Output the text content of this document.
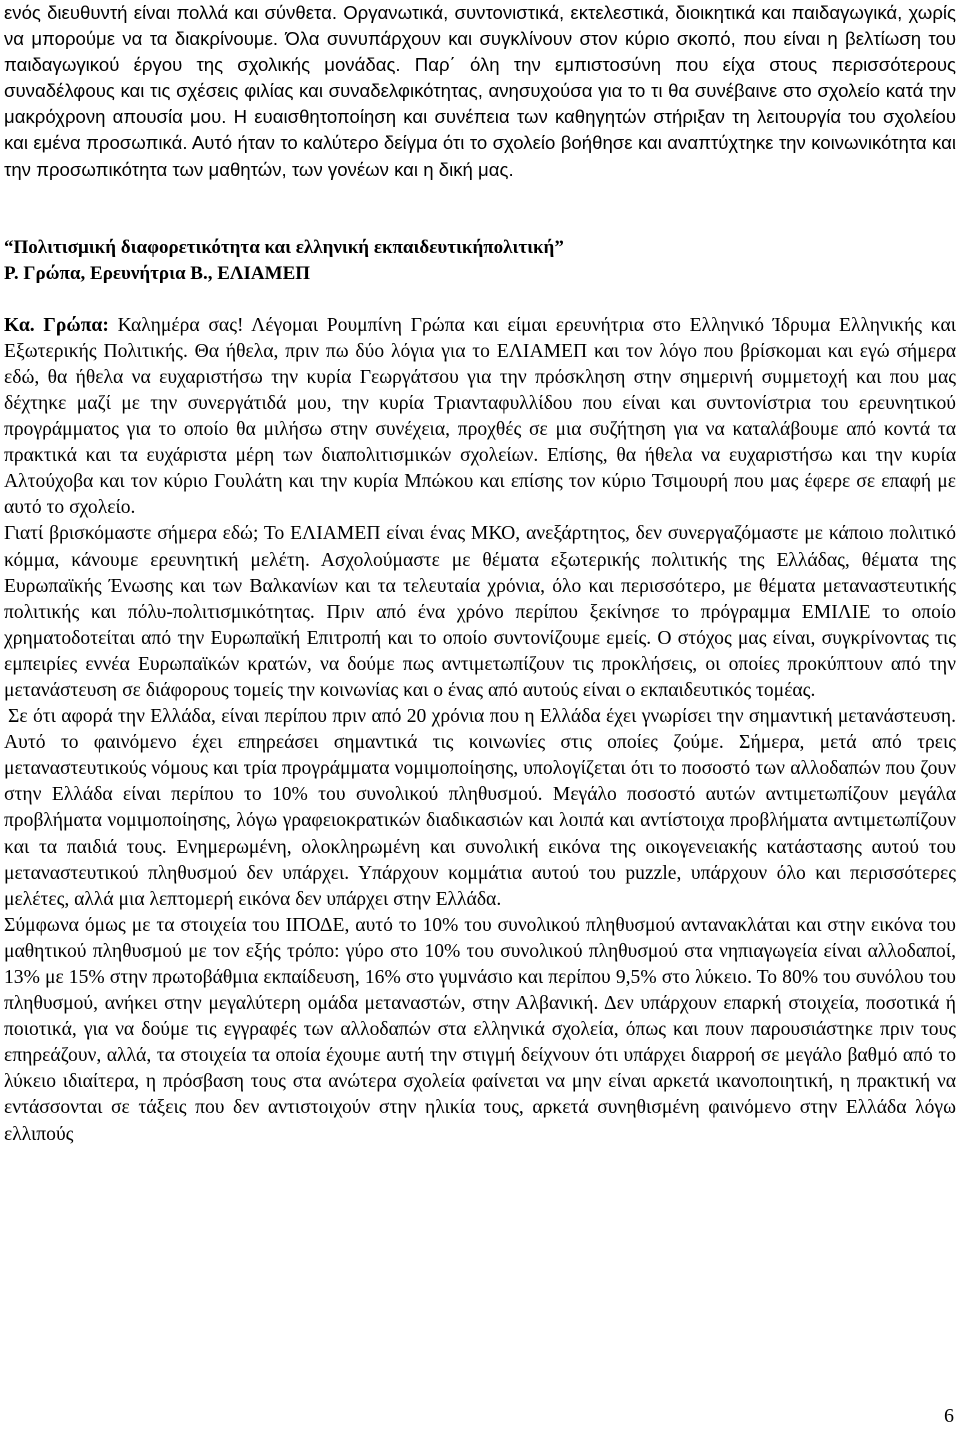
ενός διευθυντή είναι πολλά και σύνθετα. Οργανωτικά, συντονιστικά, εκτελεστικά, διοικητικά και παιδαγωγικά, χωρίς να μπορούμε να τα διακρίνουμε. Όλα συνυπάρχουν και συγκλίνουν στον κύριο σκοπό, που είναι η βελτίωση του παιδαγωγικού έργου της σχολικής μονάδας. Παρ΄ όλη την εμπιστοσύνη που είχα στους περισσότερους συναδέλφους και τις σχέσεις φιλίας και συναδελφικότητας, ανησυχούσα για το τι θα συνέβαινε στο σχολείο κατά την μακρόχρονη απουσία μου. Η ευαισθητοποίηση και συνέπεια των καθηγητών στήριξαν τη λειτουργία του σχολείου και εμένα προσωπικά. Αυτό ήταν το καλύτερο δείγμα ότι το σχολείο βοήθησε και αναπτύχτηκε την κοινωνικότητα και την προσωπικότητα των μαθητών, των γονέων και η δική μας.

“Πολιτισμική διαφορετικότητα και ελληνική εκπαιδευτικήπολιτική”

Ρ. Γρώπα, Ερευνήτρια Β., ΕΛΙΑΜΕΠ

Κα. Γρώπα: Καλημέρα σας! Λέγομαι Ρουμπίνη Γρώπα και είμαι ερευνήτρια στο Ελληνικό Ίδρυμα Ελληνικής και Εξωτερικής Πολιτικής. Θα ήθελα, πριν πω δύο λόγια για το ΕΛΙΑΜΕΠ και τον λόγο που βρίσκομαι και εγώ σήμερα εδώ, θα ήθελα να ευχαριστήσω την κυρία Γεωργάτσου για την πρόσκληση στην σημερινή συμμετοχή και που μας δέχτηκε μαζί με την συνεργάτιδά μου, την κυρία Τριανταφυλλίδου που είναι και συντονίστρια του ερευνητικού προγράμματος για το οποίο θα μιλήσω στην συνέχεια, προχθές σε μια συζήτηση για να καταλάβουμε από κοντά τα πρακτικά και τα ευχάριστα μέρη των διαπολιτισμικών σχολείων. Επίσης, θα ήθελα να ευχαριστήσω και την κυρία Αλτούχοβα και τον κύριο Γουλάτη και την κυρία Μπώκου και επίσης τον κύριο Τσιμουρή που μας έφερε σε επαφή με αυτό το σχολείο.

Γιατί βρισκόμαστε σήμερα εδώ; Το ΕΛΙΑΜΕΠ είναι ένας ΜΚΟ, ανεξάρτητος, δεν συνεργαζόμαστε με κάποιο πολιτικό κόμμα, κάνουμε ερευνητική μελέτη. Ασχολούμαστε με θέματα εξωτερικής πολιτικής της Ελλάδας, θέματα της Ευρωπαϊκής Ένωσης και των Βαλκανίων και τα τελευταία χρόνια, όλο και περισσότερο, με θέματα μεταναστευτικής πολιτικής και πόλυ-πολιτισμικότητας. Πριν από ένα χρόνο περίπου ξεκίνησε το πρόγραμμα ΕΜΙΛΙΕ το οποίο χρηματοδοτείται από την Ευρωπαϊκή Επιτροπή και το οποίο συντονίζουμε εμείς. Ο στόχος μας είναι, συγκρίνοντας τις εμπειρίες εννέα Ευρωπαϊκών κρατών, να δούμε πως αντιμετωπίζουν τις προκλήσεις, οι οποίες προκύπτουν από την μετανάστευση σε διάφορους τομείς την κοινωνίας και ο ένας από αυτούς είναι ο εκπαιδευτικός τομέας.

Σε ότι αφορά την Ελλάδα, είναι περίπου πριν από 20 χρόνια που η Ελλάδα έχει γνωρίσει την σημαντική μετανάστευση. Αυτό το φαινόμενο έχει επηρεάσει σημαντικά τις κοινωνίες στις οποίες ζούμε. Σήμερα, μετά από τρεις μεταναστευτικούς νόμους και τρία προγράμματα νομιμοποίησης, υπολογίζεται ότι το ποσοστό των αλλοδαπών που ζουν στην Ελλάδα είναι περίπου το 10% του συνολικού πληθυσμού. Μεγάλο ποσοστό αυτών αντιμετωπίζουν μεγάλα προβλήματα νομιμοποίησης, λόγω γραφειοκρατικών διαδικασιών και λοιπά και αντίστοιχα προβλήματα αντιμετωπίζουν και τα παιδιά τους. Ενημερωμένη, ολοκληρωμένη και συνολική εικόνα της οικογενειακής κατάστασης αυτού του μεταναστευτικού πληθυσμού δεν υπάρχει. Υπάρχουν κομμάτια αυτού του puzzle, υπάρχουν όλο και περισσότερες μελέτες, αλλά μια λεπτομερή εικόνα δεν υπάρχει στην Ελλάδα.

Σύμφωνα όμως με τα στοιχεία του ΙΠΟΔΕ, αυτό το 10% του συνολικού πληθυσμού αντανακλάται και στην εικόνα του μαθητικού πληθυσμού με τον εξής τρόπο: γύρο στο 10% του συνολικού πληθυσμού στα νηπιαγωγεία είναι αλλοδαποί, 13% με 15% στην πρωτοβάθμια εκπαίδευση, 16% στο γυμνάσιο και περίπου 9,5% στο λύκειο. Το 80% του συνόλου του πληθυσμού, ανήκει στην μεγαλύτερη ομάδα μεταναστών, στην Αλβανική. Δεν υπάρχουν επαρκή στοιχεία, ποσοτικά ή ποιοτικά, για να δούμε τις εγγραφές των αλλοδαπών στα ελληνικά σχολεία, όπως και πουν παρουσιάστηκε πριν τους επηρεάζουν, αλλά, τα στοιχεία τα οποία έχουμε αυτή την στιγμή δείχνουν ότι υπάρχει διαρροή σε μεγάλο βαθμό από το λύκειο ιδιαίτερα, η πρόσβαση τους στα ανώτερα σχολεία φαίνεται να μην είναι αρκετά ικανοποιητική, η πρακτική να εντάσσονται σε τάξεις που δεν αντιστοιχούν στην ηλικία τους, αρκετά συνηθισμένη φαινόμενο στην Ελλάδα λόγω ελλιπούς

6
